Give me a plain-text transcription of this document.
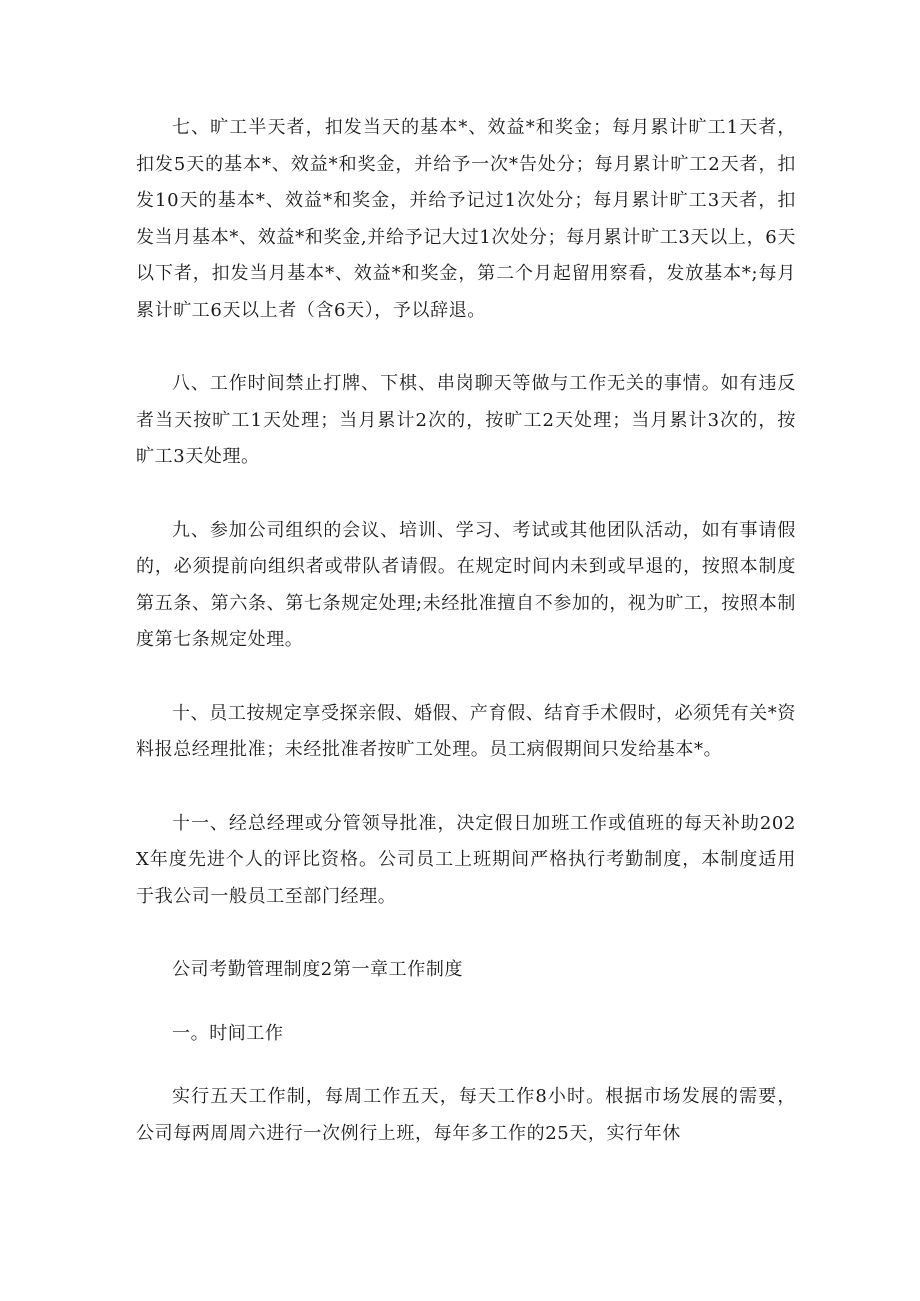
七、旷工半天者，扣发当天的基本*、效益*和奖金；每月累计旷工1天者，扣发5天的基本*、效益*和奖金，并给予一次*告处分；每月累计旷工2天者，扣发10天的基本*、效益*和奖金，并给予记过1次处分；每月累计旷工3天者，扣发当月基本*、效益*和奖金,并给予记大过1次处分；每月累计旷工3天以上，6天以下者，扣发当月基本*、效益*和奖金，第二个月起留用察看，发放基本*;每月累计旷工6天以上者（含6天），予以辞退。

八、工作时间禁止打牌、下棋、串岗聊天等做与工作无关的事情。如有违反者当天按旷工1天处理；当月累计2次的，按旷工2天处理；当月累计3次的，按旷工3天处理。

九、参加公司组织的会议、培训、学习、考试或其他团队活动，如有事请假的，必须提前向组织者或带队者请假。在规定时间内未到或早退的，按照本制度第五条、第六条、第七条规定处理;未经批准擅自不参加的，视为旷工，按照本制度第七条规定处理。

十、员工按规定享受探亲假、婚假、产育假、结育手术假时，必须凭有关*资料报总经理批准；未经批准者按旷工处理。员工病假期间只发给基本*。

十一、经总经理或分管领导批准，决定假日加班工作或值班的每天补助202X年度先进个人的评比资格。公司员工上班期间严格执行考勤制度，本制度适用于我公司一般员工至部门经理。

公司考勤管理制度2第一章工作制度

一。时间工作

实行五天工作制，每周工作五天，每天工作8小时。根据市场发展的需要，公司每两周周六进行一次例行上班，每年多工作的25天，实行年休
